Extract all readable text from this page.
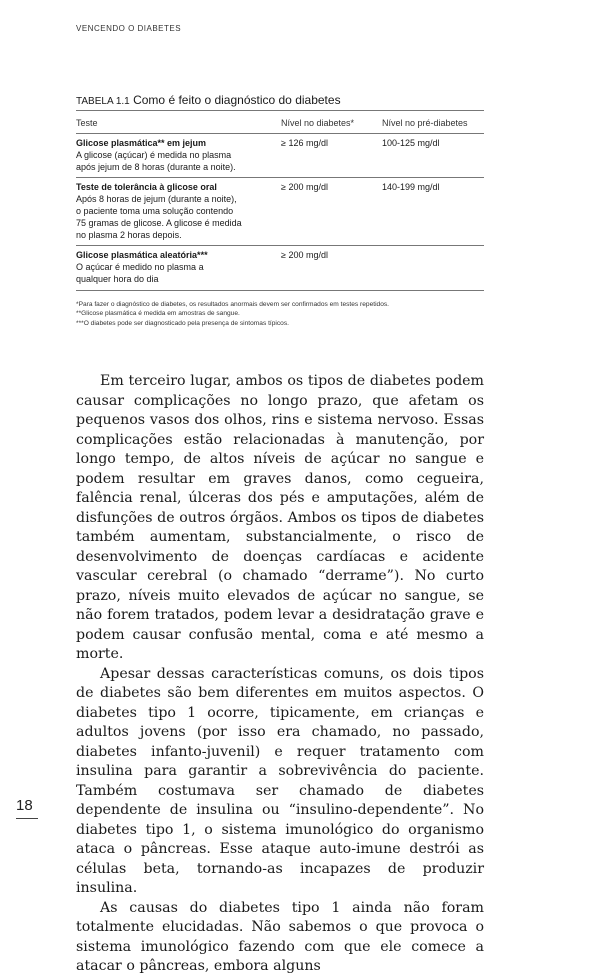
VENCENDO O DIABETES
TABELA 1.1 Como é feito o diagnóstico do diabetes
Teste	Nível no diabetes*	Nível no pré-diabetes
Glicose plasmática** em jejum
A glicose (açúcar) é medida no plasma
após jejum de 8 horas (durante a noite).
≥ 126 mg/dl	100-125 mg/dl
Teste de tolerância à glicose oral
Após 8 horas de jejum (durante a noite),
o paciente toma uma solução contendo
75 gramas de glicose. A glicose é medida
no plasma 2 horas depois.
≥ 200 mg/dl	140-199 mg/dl
Glicose plasmática aleatória***
O açúcar é medido no plasma a
qualquer hora do dia
≥ 200 mg/dl
*Para fazer o diagnóstico de diabetes, os resultados anormais devem ser confirmados em testes repetidos.
**Glicose plasmática é medida em amostras de sangue.
***O diabetes pode ser diagnosticado pela presença de sintomas típicos.

Em terceiro lugar, ambos os tipos de diabetes podem causar complicações no longo prazo, que afetam os pequenos vasos dos olhos, rins e sistema nervoso. Essas complicações estão relacionadas à manutenção, por longo tempo, de altos níveis de açúcar no sangue e podem resultar em graves danos, como cegueira, falência renal, úlceras dos pés e amputações, além de disfunções de outros órgãos. Ambos os tipos de diabetes também aumentam, substancialmente, o risco de desenvolvimento de doenças cardíacas e acidente vascular cerebral (o chamado “derrame”). No curto prazo, níveis muito elevados de açúcar no sangue, se não forem tratados, podem levar a desidratação grave e podem causar confusão mental, coma e até mesmo a morte.

Apesar dessas características comuns, os dois tipos de diabetes são bem diferentes em muitos aspectos. O diabetes tipo 1 ocorre, tipicamente, em crianças e adultos jovens (por isso era chamado, no passado, diabetes infanto-juvenil) e requer tratamento com insulina para garantir a sobrevivência do paciente. Também costumava ser chamado de diabetes dependente de insulina ou “insulino-dependente”. No diabetes tipo 1, o sistema imunológico do organismo ataca o pâncreas. Esse ataque auto-imune destrói as células beta, tornando-as incapazes de produzir insulina.

As causas do diabetes tipo 1 ainda não foram totalmente elucidadas. Não sabemos o que provoca o sistema imunológico fazendo com que ele comece a atacar o pâncreas, embora alguns

18
